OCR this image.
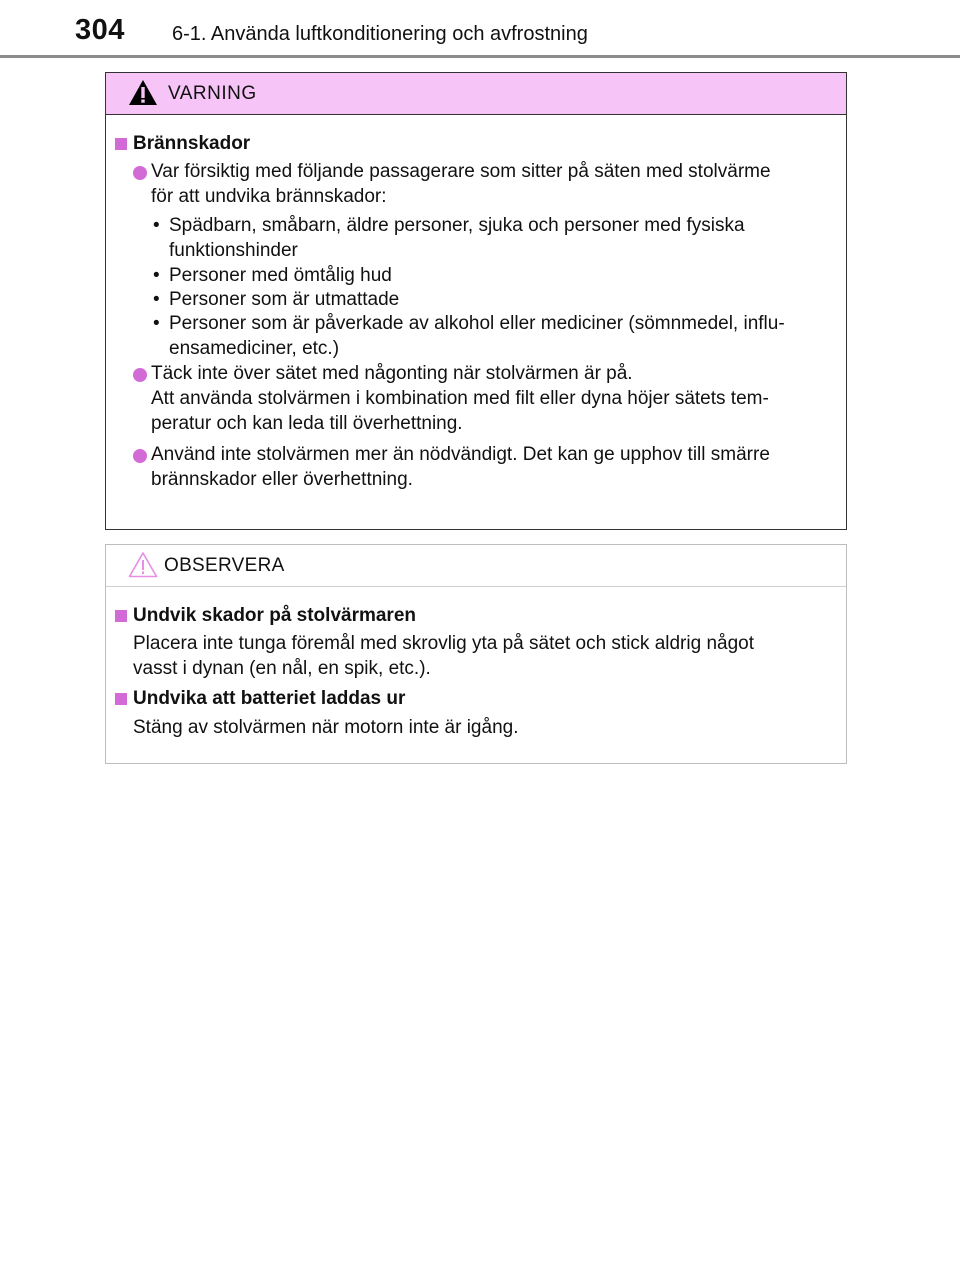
304 6-1. Använda luftkonditionering och avfrostning
VARNING
Brännskador
Var försiktig med följande passagerare som sitter på säten med stolvärme
för att undvika brännskador:
• Spädbarn, småbarn, äldre personer, sjuka och personer med fysiska
funktionshinder
• Personer med ömtålig hud
• Personer som är utmattade
• Personer som är påverkade av alkohol eller mediciner (sömnmedel, influ-
ensamediciner, etc.)
Täck inte över sätet med någonting när stolvärmen är på.
Att använda stolvärmen i kombination med filt eller dyna höjer sätets tem-
peratur och kan leda till överhettning.
Använd inte stolvärmen mer än nödvändigt. Det kan ge upphov till smärre
brännskador eller överhettning.
OBSERVERA
Undvik skador på stolvärmaren
Placera inte tunga föremål med skrovlig yta på sätet och stick aldrig något
vasst i dynan (en nål, en spik, etc.).
Undvika att batteriet laddas ur
Stäng av stolvärmen när motorn inte är igång.
